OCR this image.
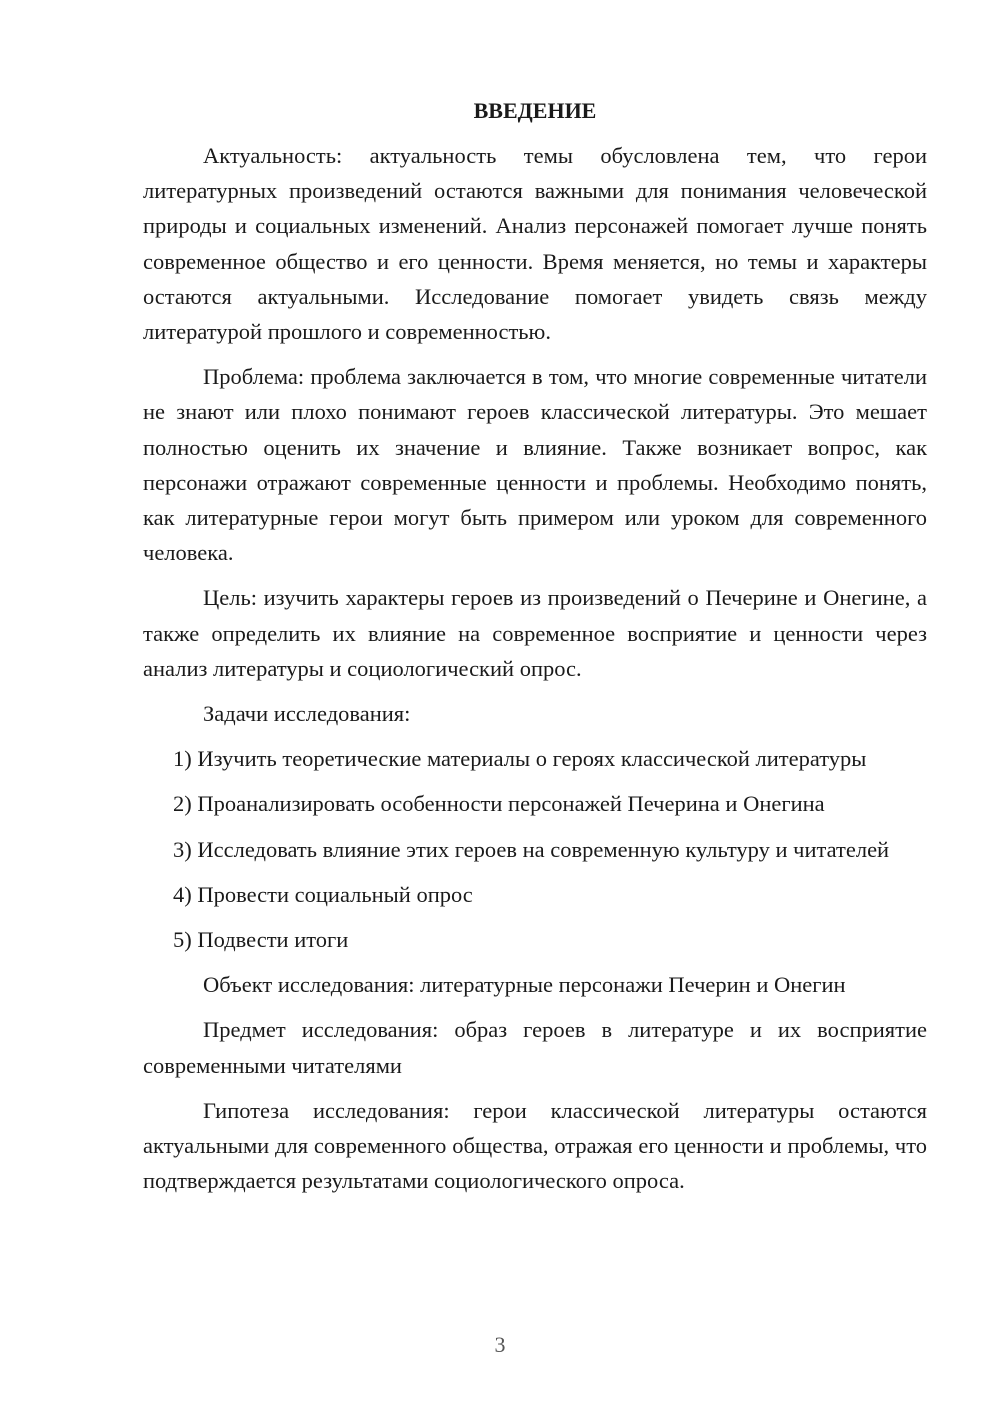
ВВЕДЕНИЕ

Актуальность: актуальность темы обусловлена тем, что герои литературных произведений остаются важными для понимания человеческой природы и социальных изменений. Анализ персонажей помогает лучше понять современное общество и его ценности. Время меняется, но темы и характеры остаются актуальными. Исследование помогает увидеть связь между литературой прошлого и современностью.

Проблема: проблема заключается в том, что многие современные читатели не знают или плохо понимают героев классической литературы. Это мешает полностью оценить их значение и влияние. Также возникает вопрос, как персонажи отражают современные ценности и проблемы. Необходимо понять, как литературные герои могут быть примером или уроком для современного человека.

Цель: изучить характеры героев из произведений о Печерине и Онегине, а также определить их влияние на современное восприятие и ценности через анализ литературы и социологический опрос.

Задачи исследования:

1) Изучить теоретические материалы о героях классической литературы

2) Проанализировать особенности персонажей Печерина и Онегина

3) Исследовать влияние этих героев на современную культуру и читателей

4) Провести социальный опрос

5) Подвести итоги

Объект исследования: литературные персонажи Печерин и Онегин

Предмет исследования: образ героев в литературе и их восприятие современными читателями

Гипотеза исследования: герои классической литературы остаются актуальными для современного общества, отражая его ценности и проблемы, что подтверждается результатами социологического опроса.

3
